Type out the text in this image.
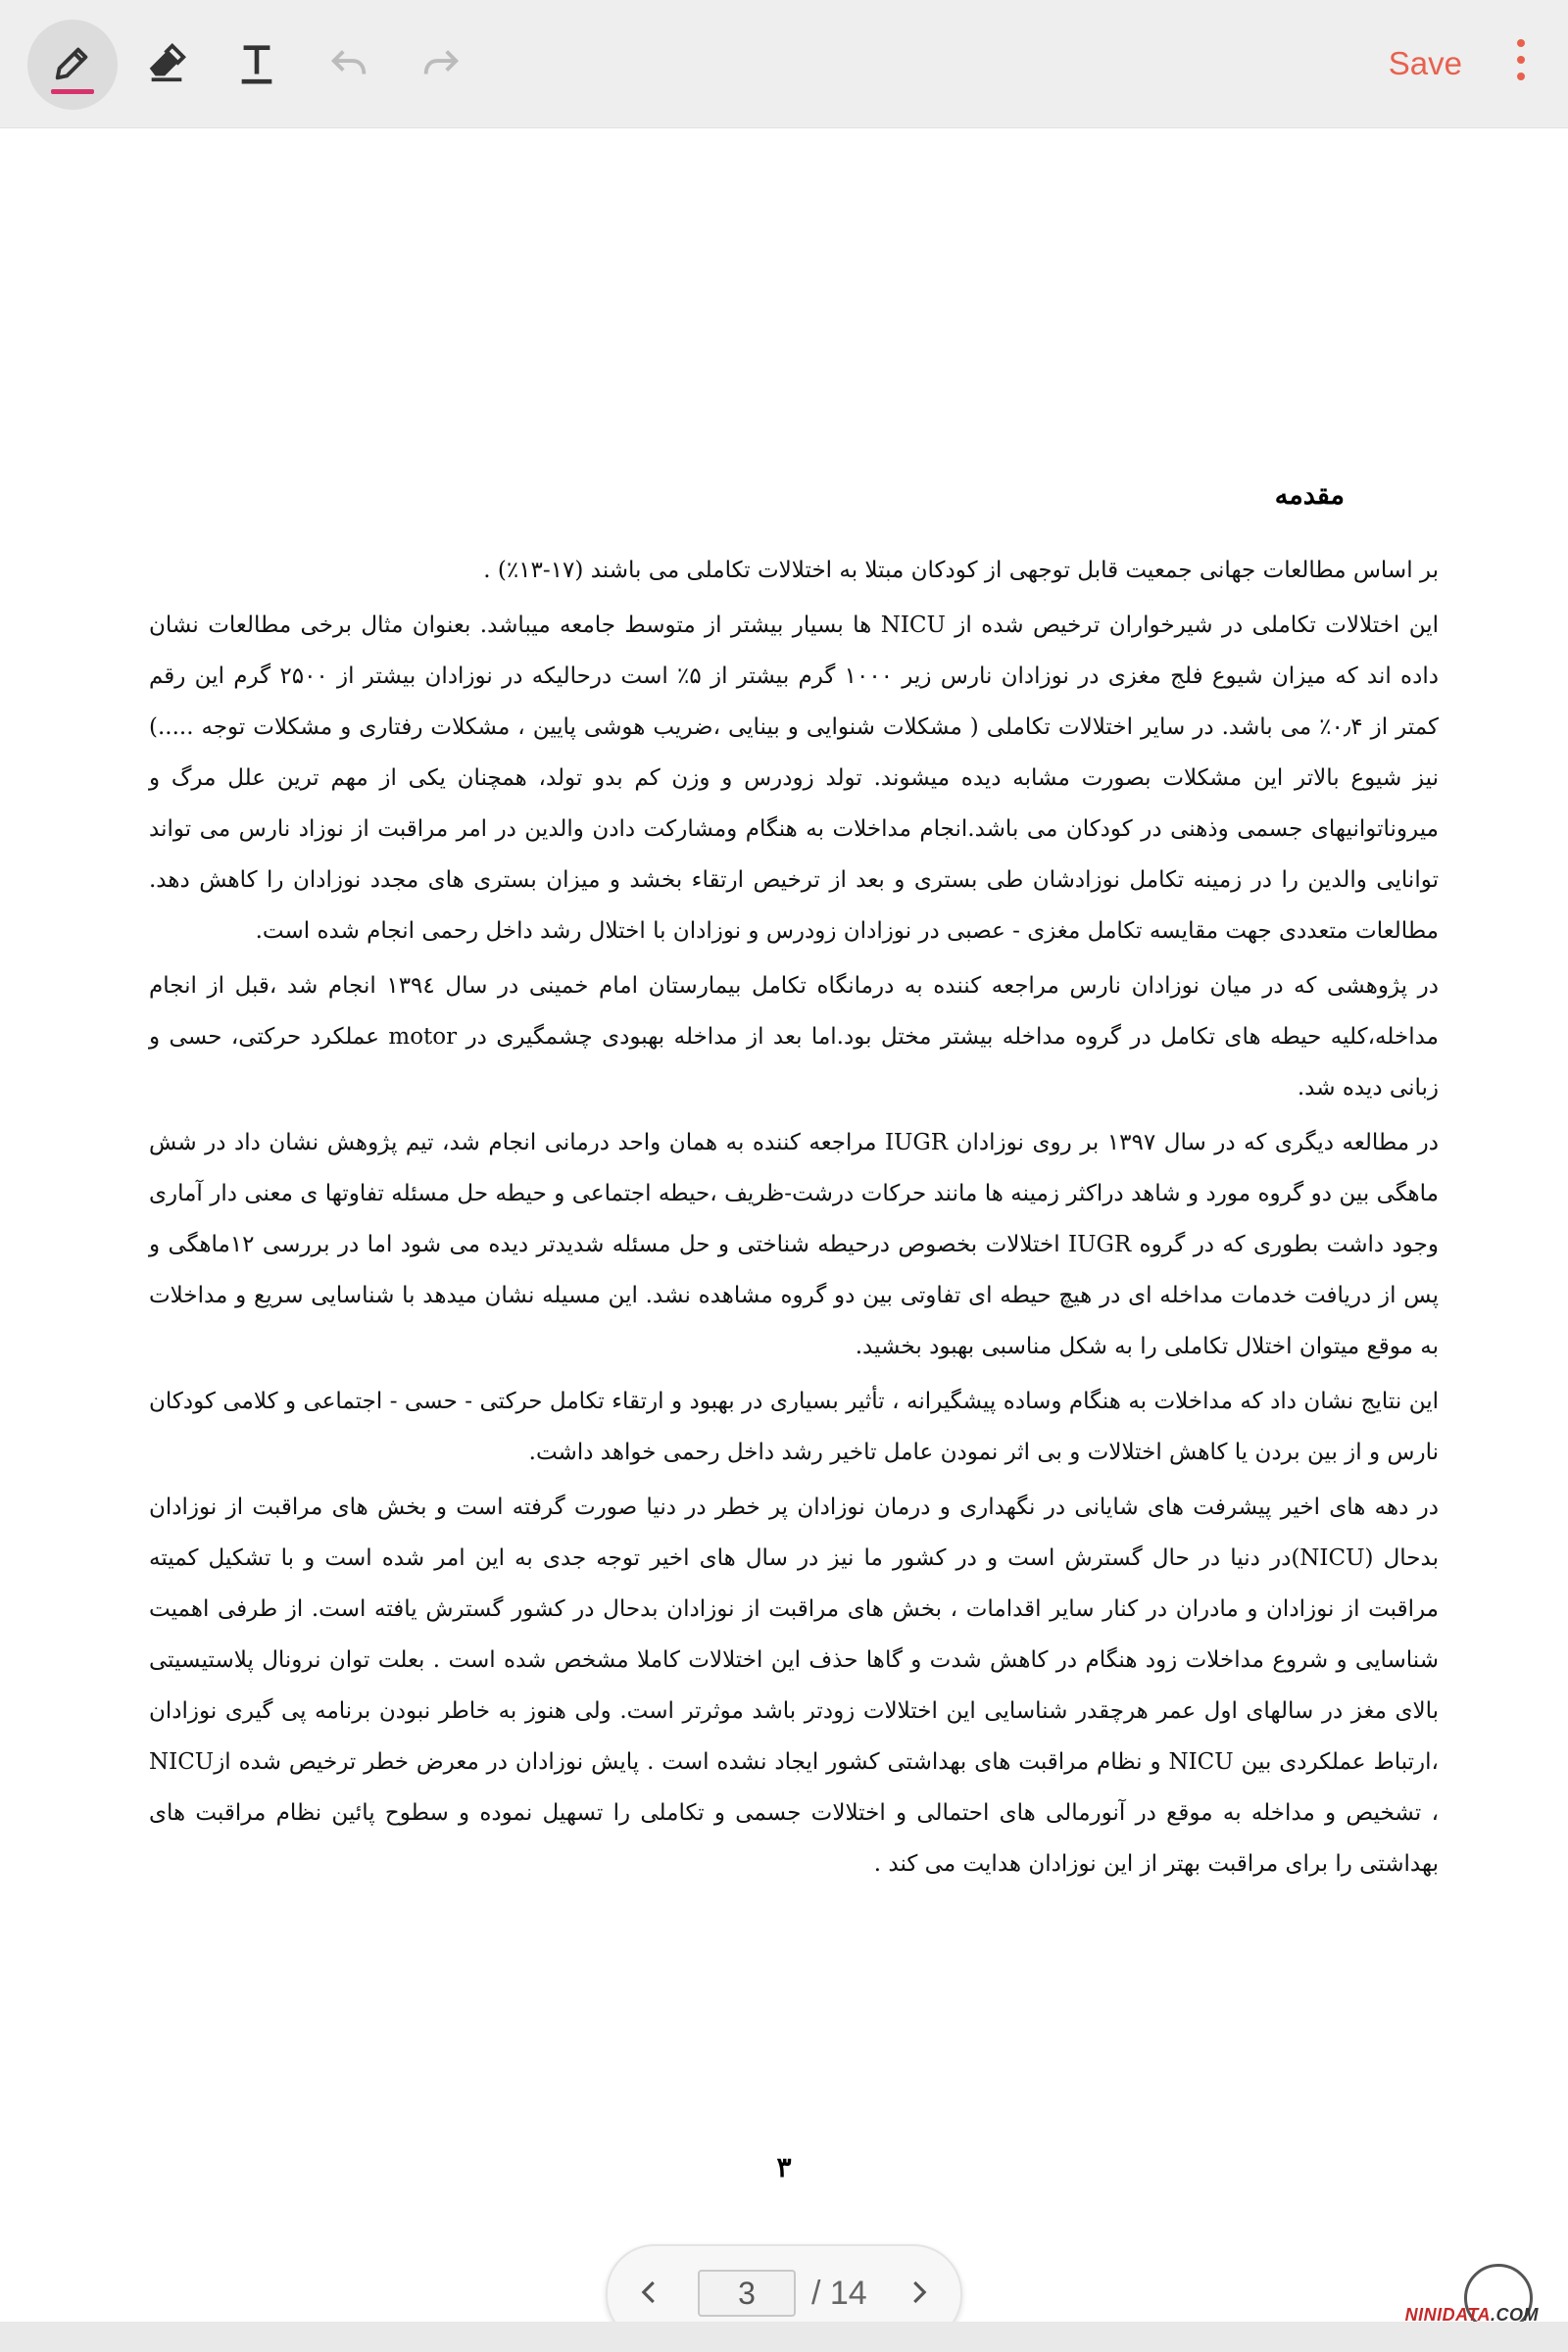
Save
مقدمه

بر اساس مطالعات جهانی جمعیت قابل توجهی از کودکان مبتلا به اختلالات تکاملی می باشند (۱۷-۱۳٪) .

این اختلالات تکاملی در شیرخواران ترخیص شده از NICU ها بسیار بیشتر از متوسط جامعه میباشد. بعنوان مثال برخی مطالعات نشان داده اند که میزان شیوع فلج مغزی در نوزادان نارس زیر ۱۰۰۰ گرم بیشتر از ۵٪ است درحالیکه در نوزادان بیشتر از ۲۵۰۰ گرم این رقم کمتر از ۰٫۴٪ می باشد. در سایر اختلالات تکاملی ( مشکلات شنوایی و بینایی ،ضریب هوشی پایین ، مشکلات رفتاری و مشکلات توجه .....) نیز شیوع بالاتر این مشکلات بصورت مشابه دیده میشوند. تولد زودرس و وزن کم بدو تولد، همچنان یکی از مهم ترین علل مرگ و میروناتوانیهای جسمی وذهنی در کودکان می باشد.انجام مداخلات به هنگام ومشارکت دادن والدین در امر مراقبت از نوزاد نارس می تواند توانایی والدین را در زمینه تکامل نوزادشان طی بستری و بعد از ترخیص ارتقاء بخشد و میزان بستری های مجدد نوزادان را کاهش دهد. مطالعات متعددی جهت مقایسه تکامل مغزی - عصبی در نوزادان زودرس و نوزادان با اختلال رشد داخل رحمی انجام شده است.

در پژوهشی که در میان نوزادان نارس مراجعه کننده به درمانگاه تکامل بیمارستان امام خمینی در سال ۱۳۹٤ انجام شد ،قبل از انجام مداخله،کلیه حیطه های تکامل در گروه مداخله بیشتر مختل بود.اما بعد از مداخله بهبودی چشمگیری در motor عملکرد حرکتی، حسی و زبانی دیده شد.

در مطالعه دیگری که در سال ۱۳۹۷ بر روی نوزادان IUGR مراجعه کننده به همان واحد درمانی انجام شد، تیم پژوهش نشان داد در شش ماهگی بین دو گروه مورد و شاهد دراکثر زمینه ها مانند حرکات درشت-ظریف ،حیطه اجتماعی و حیطه حل مسئله تفاوتها ی معنی دار آماری وجود داشت بطوری که در گروه IUGR اختلالات بخصوص درحیطه شناختی و حل مسئله شدیدتر دیده می شود اما در بررسی ۱۲ماهگی و پس از دریافت خدمات مداخله ای در هیچ حیطه ای تفاوتی بین دو گروه مشاهده نشد. این مسیله نشان میدهد با شناسایی سریع و مداخلات به موقع میتوان اختلال تکاملی را به شکل مناسبی بهبود بخشید.

این نتایج نشان داد که مداخلات به هنگام وساده پیشگیرانه ، تأثیر بسیاری در بهبود و ارتقاء تکامل حرکتی - حسی - اجتماعی و کلامی کودکان نارس و از بین بردن یا کاهش اختلالات و بی اثر نمودن عامل تاخیر رشد داخل رحمی خواهد داشت.

در دهه های اخیر پیشرفت های شایانی در نگهداری و درمان نوزادان پر خطر در دنیا صورت گرفته است و بخش های مراقبت از نوزادان بدحال (NICU)در دنیا در حال گسترش است و در کشور ما نیز در سال های اخیر توجه جدی به این امر شده است و با تشکیل کمیته مراقبت از نوزادان و مادران در کنار سایر اقدامات ، بخش های مراقبت از نوزادان بدحال در کشور گسترش یافته است. از طرفی اهمیت شناسایی و شروع مداخلات زود هنگام در کاهش شدت و گاها حذف این اختلالات کاملا مشخص شده است . بعلت توان نرونال پلاستیسیتی بالای مغز در سالهای اول عمر هرچقدر شناسایی این اختلالات زودتر باشد موثرتر است. ولی هنوز به خاطر نبودن برنامه پی گیری نوزادان ،ارتباط عملکردی بین NICU و نظام مراقبت های بهداشتی کشور ایجاد نشده است . پایش نوزادان در معرض خطر ترخیص شده ازNICU ، تشخیص و مداخله به موقع در آنورمالی های احتمالی و اختلالات جسمی و تکاملی را تسهیل نموده و سطوح پائین نظام مراقبت های بهداشتی را برای مراقبت بهتر از این نوزادان هدایت می کند .

۳
3	/ 14
NINIDATA.COM
